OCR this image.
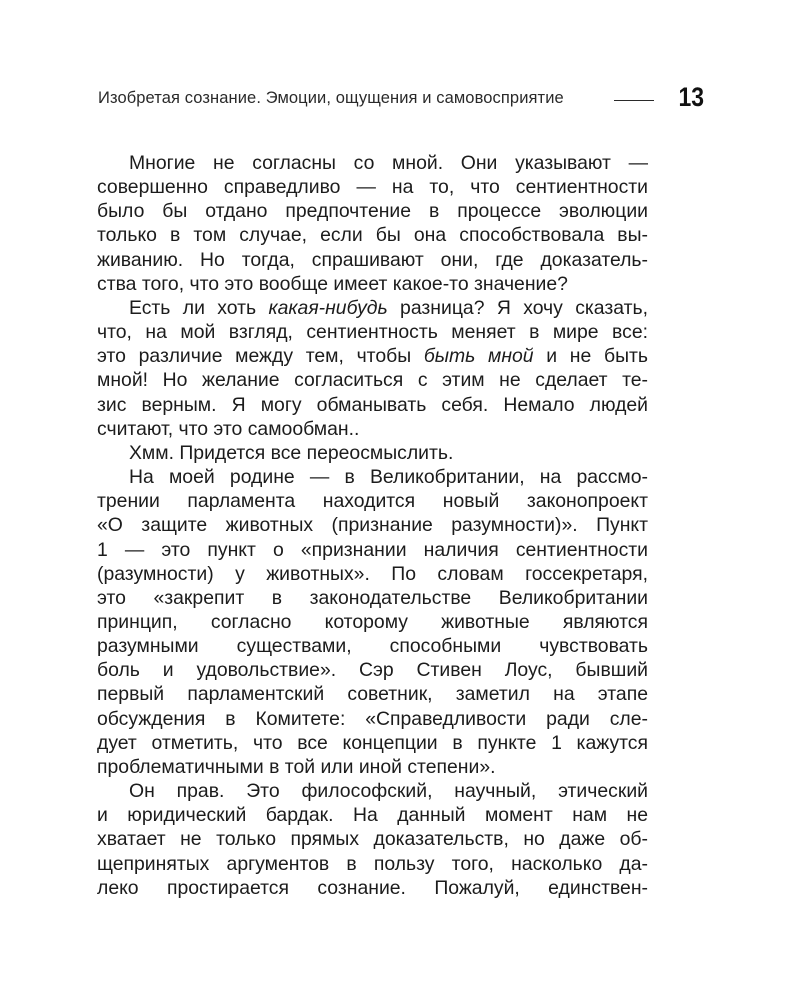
Изобретая сознание. Эмоции, ощущения и самовосприятие	13
Многие не согласны со мной. Они указывают —
совершенно справедливо — на то, что сентиентности
было бы отдано предпочтение в процессе эволюции
только в том случае, если бы она способствовала вы-
живанию. Но тогда, спрашивают они, где доказатель-
ства того, что это вообще имеет какое-то значение?
Есть ли хоть какая-нибудь разница? Я хочу сказать,
что, на мой взгляд, сентиентность меняет в мире все:
это различие между тем, чтобы быть мной и не быть
мной! Но желание согласиться с этим не сделает те-
зис верным. Я могу обманывать себя. Немало людей
считают, что это самообман..
Хмм. Придется все переосмыслить.
На моей родине — в Великобритании, на рассмо-
трении парламента находится новый законопроект
«О защите животных (признание разумности)». Пункт
1 — это пункт о «признании наличия сентиентности
(разумности) у животных». По словам госсекретаря,
это «закрепит в законодательстве Великобритании
принцип, согласно которому животные являются
разумными существами, способными чувствовать
боль и удовольствие». Сэр Стивен Лоус, бывший
первый парламентский советник, заметил на этапе
обсуждения в Комитете: «Справедливости ради сле-
дует отметить, что все концепции в пункте 1 кажутся
проблематичными в той или иной степени».
Он прав. Это философский, научный, этический
и юридический бардак. На данный момент нам не
хватает не только прямых доказательств, но даже об-
щепринятых аргументов в пользу того, насколько да-
леко простирается сознание. Пожалуй, единствен-
